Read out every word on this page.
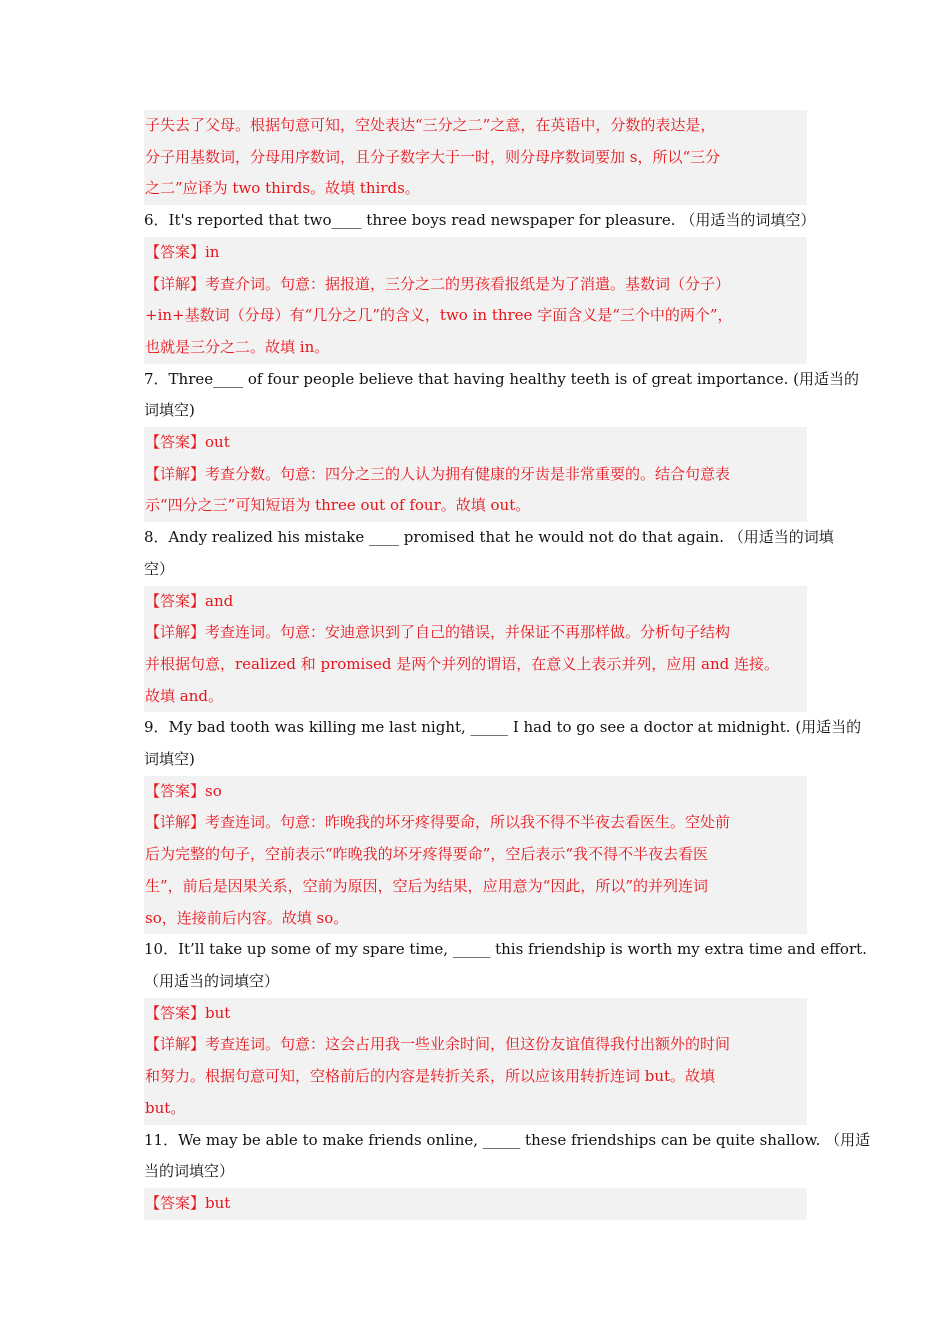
子失去了父母。根据句意可知，空处表达“三分之二”之意，在英语中，分数的表达是，
分子用基数词，分母用序数词，且分子数字大于一时，则分母序数词要加 s，所以“三分
之二”应译为 two thirds。故填 thirds。
6．It's reported that two____ three boys read newspaper for pleasure. （用适当的词填空）
【答案】in
【详解】考查介词。句意：据报道，三分之二的男孩看报纸是为了消遣。基数词（分子）
+in+基数词（分母）有“几分之几”的含义，two in three 字面含义是“三个中的两个”，
也就是三分之二。故填 in。
7．Three____ of four people believe that having healthy teeth is of great importance. (用适当的
词填空)
【答案】out
【详解】考查分数。句意：四分之三的人认为拥有健康的牙齿是非常重要的。结合句意表
示“四分之三”可知短语为 three out of four。故填 out。
8．Andy realized his mistake ____ promised that he would not do that again. （用适当的词填
空）
【答案】and
【详解】考查连词。句意：安迪意识到了自己的错误，并保证不再那样做。分析句子结构
并根据句意，realized 和 promised 是两个并列的谓语，在意义上表示并列，应用 and 连接。
故填 and。
9．My bad tooth was killing me last night, _____ I had to go see a doctor at midnight. (用适当的
词填空)
【答案】so
【详解】考查连词。句意：昨晚我的坏牙疼得要命，所以我不得不半夜去看医生。空处前
后为完整的句子，空前表示“昨晚我的坏牙疼得要命”，空后表示“我不得不半夜去看医
生”，前后是因果关系，空前为原因，空后为结果，应用意为“因此，所以”的并列连词
so，连接前后内容。故填 so。
10．It’ll take up some of my spare time, _____ this friendship is worth my extra time and effort.
（用适当的词填空）
【答案】but
【详解】考查连词。句意：这会占用我一些业余时间，但这份友谊值得我付出额外的时间
和努力。根据句意可知，空格前后的内容是转折关系，所以应该用转折连词 but。故填
but。
11．We may be able to make friends online, _____ these friendships can be quite shallow. （用适
当的词填空）
【答案】but
